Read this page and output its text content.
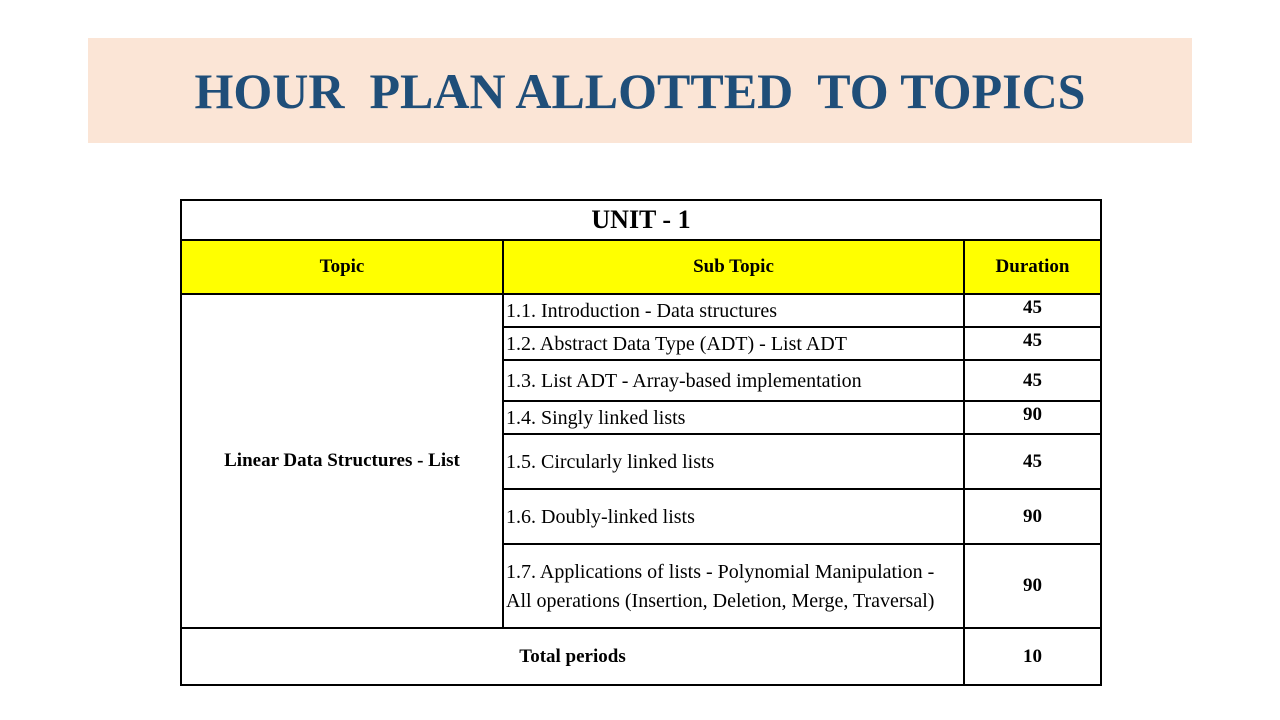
HOUR  PLAN ALLOTTED  TO TOPICS
UNIT - 1		
Topic	Sub Topic	Duration
Linear Data Structures - List	1.1. Introduction - Data structures	45
	1.2. Abstract Data Type (ADT) - List ADT	45
	1.3. List ADT - Array-based implementation	45
	1.4. Singly linked lists	90
	1.5. Circularly linked lists	45
	1.6. Doubly-linked lists	90
	1.7. Applications of lists - Polynomial Manipulation - All operations (Insertion, Deletion, Merge, Traversal)	90
Total periods		10
